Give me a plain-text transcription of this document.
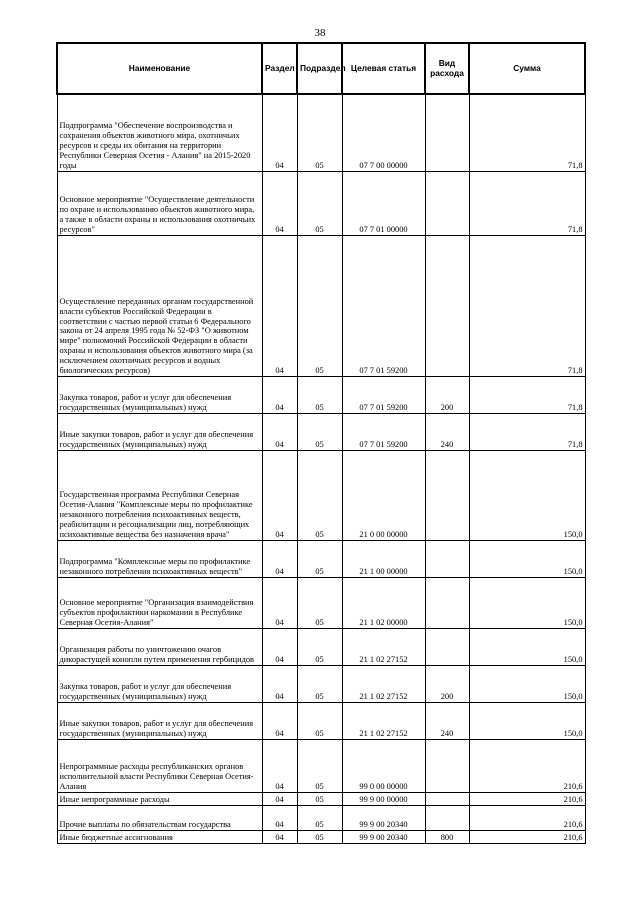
38
Наименование	Раздел	Подраздел	Целевая статья	Вид расхода	Сумма
Подпрограмма "Обеспечение воспроизводства и сохранения объектов животного мира, охотничьих ресурсов и среды их обитания на территории Республики Северная Осетия - Алания" на 2015-2020 годы	04	05	07 7 00 00000		71,8
Основное мероприятие "Осуществление деятельности по охране и использованию объектов животного мира, а также в области охраны и использования охотничьих ресурсов"	04	05	07 7 01 00000		71,8
Осуществление переданных органам государственной власти субъектов Российской Федерации в соответствии с частью первой статьи 6 Федерального закона от 24 апреля 1995 года № 52-ФЗ "О животном мире" полномочий Российской Федерации в области охраны и использования объектов животного мира (за исключением охотничьих ресурсов и водных биологических ресурсов)	04	05	07 7 01 59200		71,8
Закупка товаров, работ и услуг для обеспечения государственных (муниципальных) нужд	04	05	07 7 01 59200	200	71,8
Иные закупки товаров, работ и услуг для обеспечения государственных (муниципальных) нужд	04	05	07 7 01 59200	240	71,8
Государственная программа Республики Северная Осетия-Алания "Комплексные меры по профилактике незаконного потребления психоактивных веществ, реабилитации и ресоциализации лиц, потребляющих психоактивные вещества без назначения врача"	04	05	21 0 00 00000		150,0
Подпрограмма "Комплексные меры по профилактике незаконного потребления психоактивных веществ"	04	05	21 1 00 00000		150,0
Основное мероприятие "Организация взаимодействия субъектов профилактики наркомании в Республике Северная Осетия-Алания"	04	05	21 1 02 00000		150,0
Организация работы по уничтожению очагов дикорастущей конопли путем применения гербицидов	04	05	21 1 02 27152		150,0
Закупка товаров, работ и услуг для обеспечения государственных (муниципальных) нужд	04	05	21 1 02 27152	200	150,0
Иные закупки товаров, работ и услуг для обеспечения государственных (муниципальных) нужд	04	05	21 1 02 27152	240	150,0
Непрограммные расходы республиканских органов исполнительной власти Республики Северная Осетия-Алания	04	05	99 0 00 00000		210,6
Иные непрограммные расходы	04	05	99 9 00 00000		210,6
Прочие выплаты по обязательствам государства	04	05	99 9 00 20340		210,6
Иные бюджетные ассигнования	04	05	99 9 00 20340	800	210,6
